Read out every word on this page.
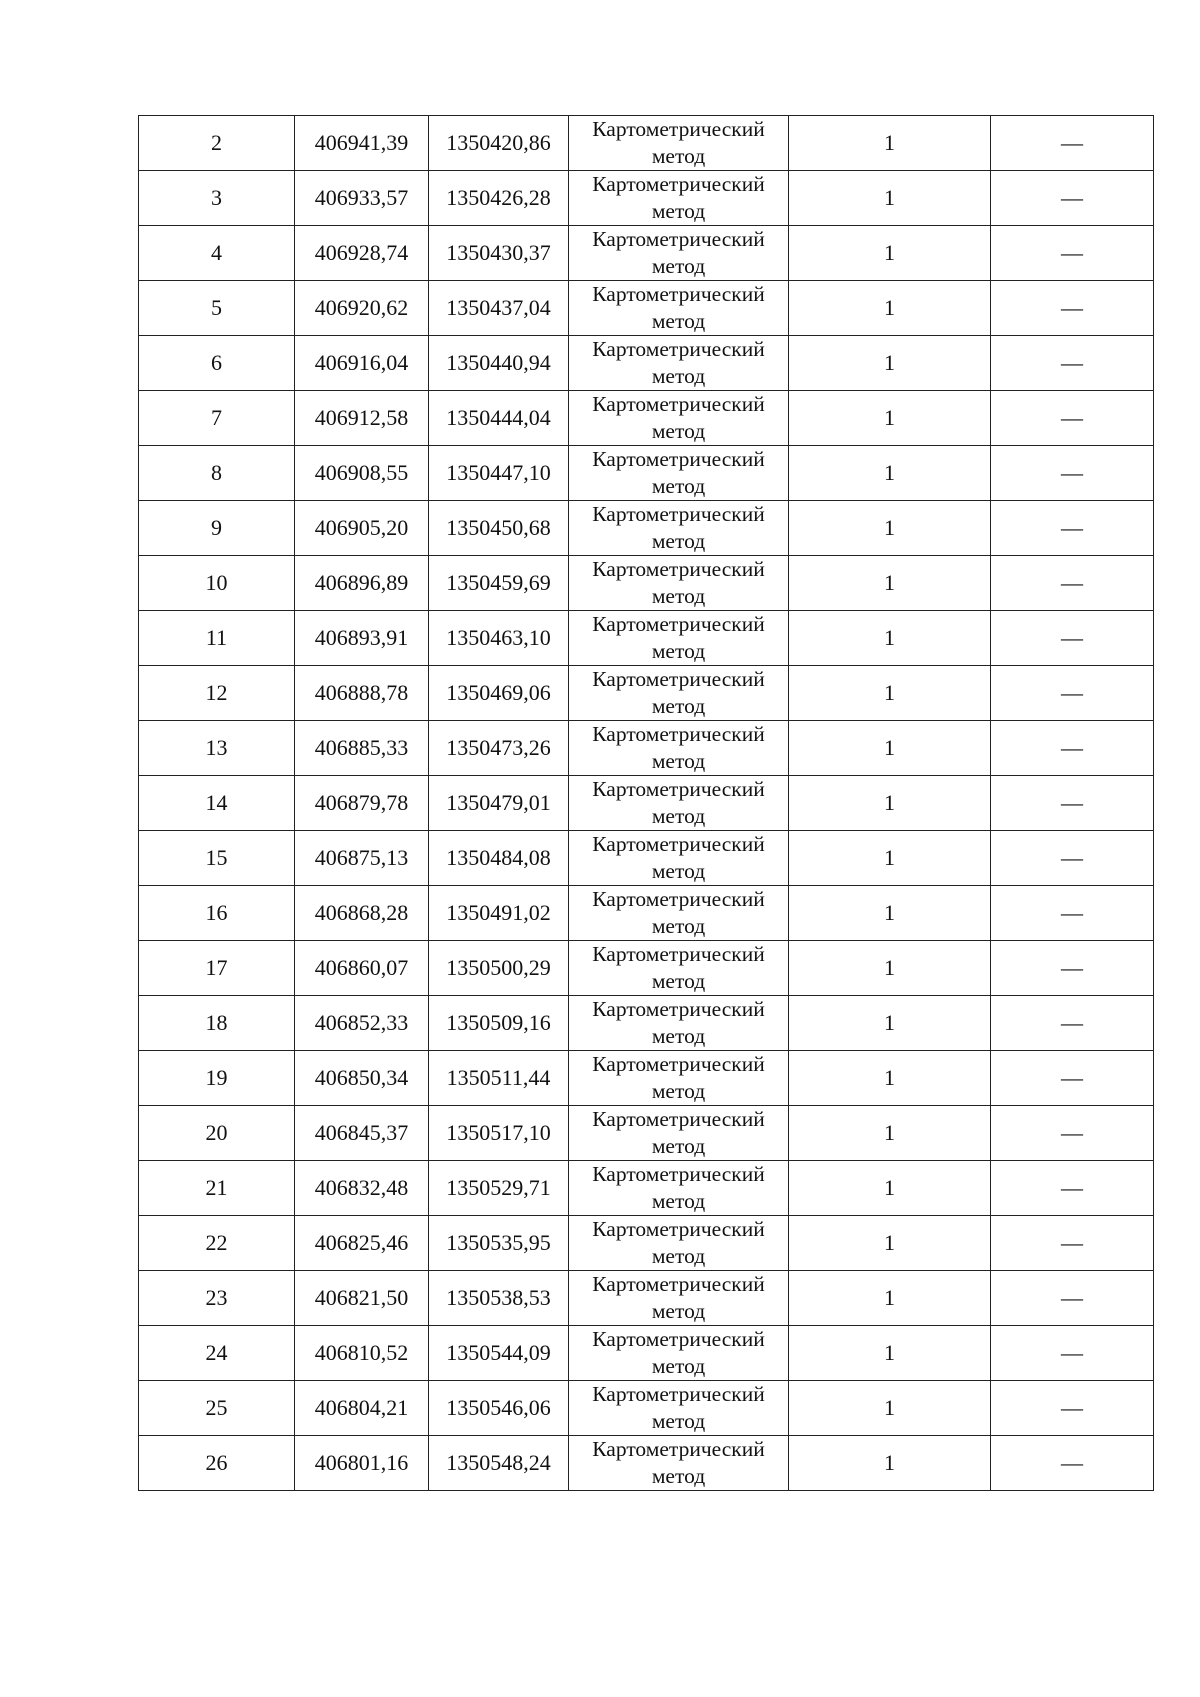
2	406941,39	1350420,86	Картометрический
метод	1	—
3	406933,57	1350426,28	Картометрический
метод	1	—
4	406928,74	1350430,37	Картометрический
метод	1	—
5	406920,62	1350437,04	Картометрический
метод	1	—
6	406916,04	1350440,94	Картометрический
метод	1	—
7	406912,58	1350444,04	Картометрический
метод	1	—
8	406908,55	1350447,10	Картометрический
метод	1	—
9	406905,20	1350450,68	Картометрический
метод	1	—
10	406896,89	1350459,69	Картометрический
метод	1	—
11	406893,91	1350463,10	Картометрический
метод	1	—
12	406888,78	1350469,06	Картометрический
метод	1	—
13	406885,33	1350473,26	Картометрический
метод	1	—
14	406879,78	1350479,01	Картометрический
метод	1	—
15	406875,13	1350484,08	Картометрический
метод	1	—
16	406868,28	1350491,02	Картометрический
метод	1	—
17	406860,07	1350500,29	Картометрический
метод	1	—
18	406852,33	1350509,16	Картометрический
метод	1	—
19	406850,34	1350511,44	Картометрический
метод	1	—
20	406845,37	1350517,10	Картометрический
метод	1	—
21	406832,48	1350529,71	Картометрический
метод	1	—
22	406825,46	1350535,95	Картометрический
метод	1	—
23	406821,50	1350538,53	Картометрический
метод	1	—
24	406810,52	1350544,09	Картометрический
метод	1	—
25	406804,21	1350546,06	Картометрический
метод	1	—
26	406801,16	1350548,24	Картометрический
метод	1	—
